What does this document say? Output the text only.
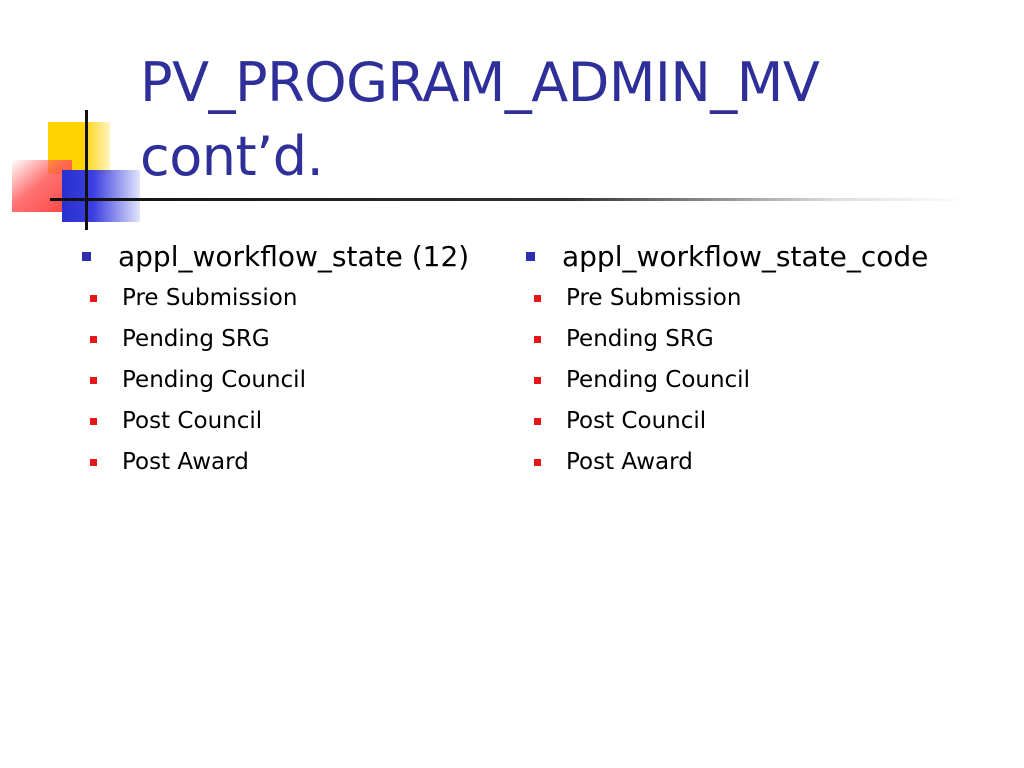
PV_PROGRAM_ADMIN_MV
cont’d.
appl_workflow_state (12)
Pre Submission
Pending SRG
Pending Council
Post Council
Post Award
appl_workflow_state_code
Pre Submission
Pending SRG
Pending Council
Post Council
Post Award
